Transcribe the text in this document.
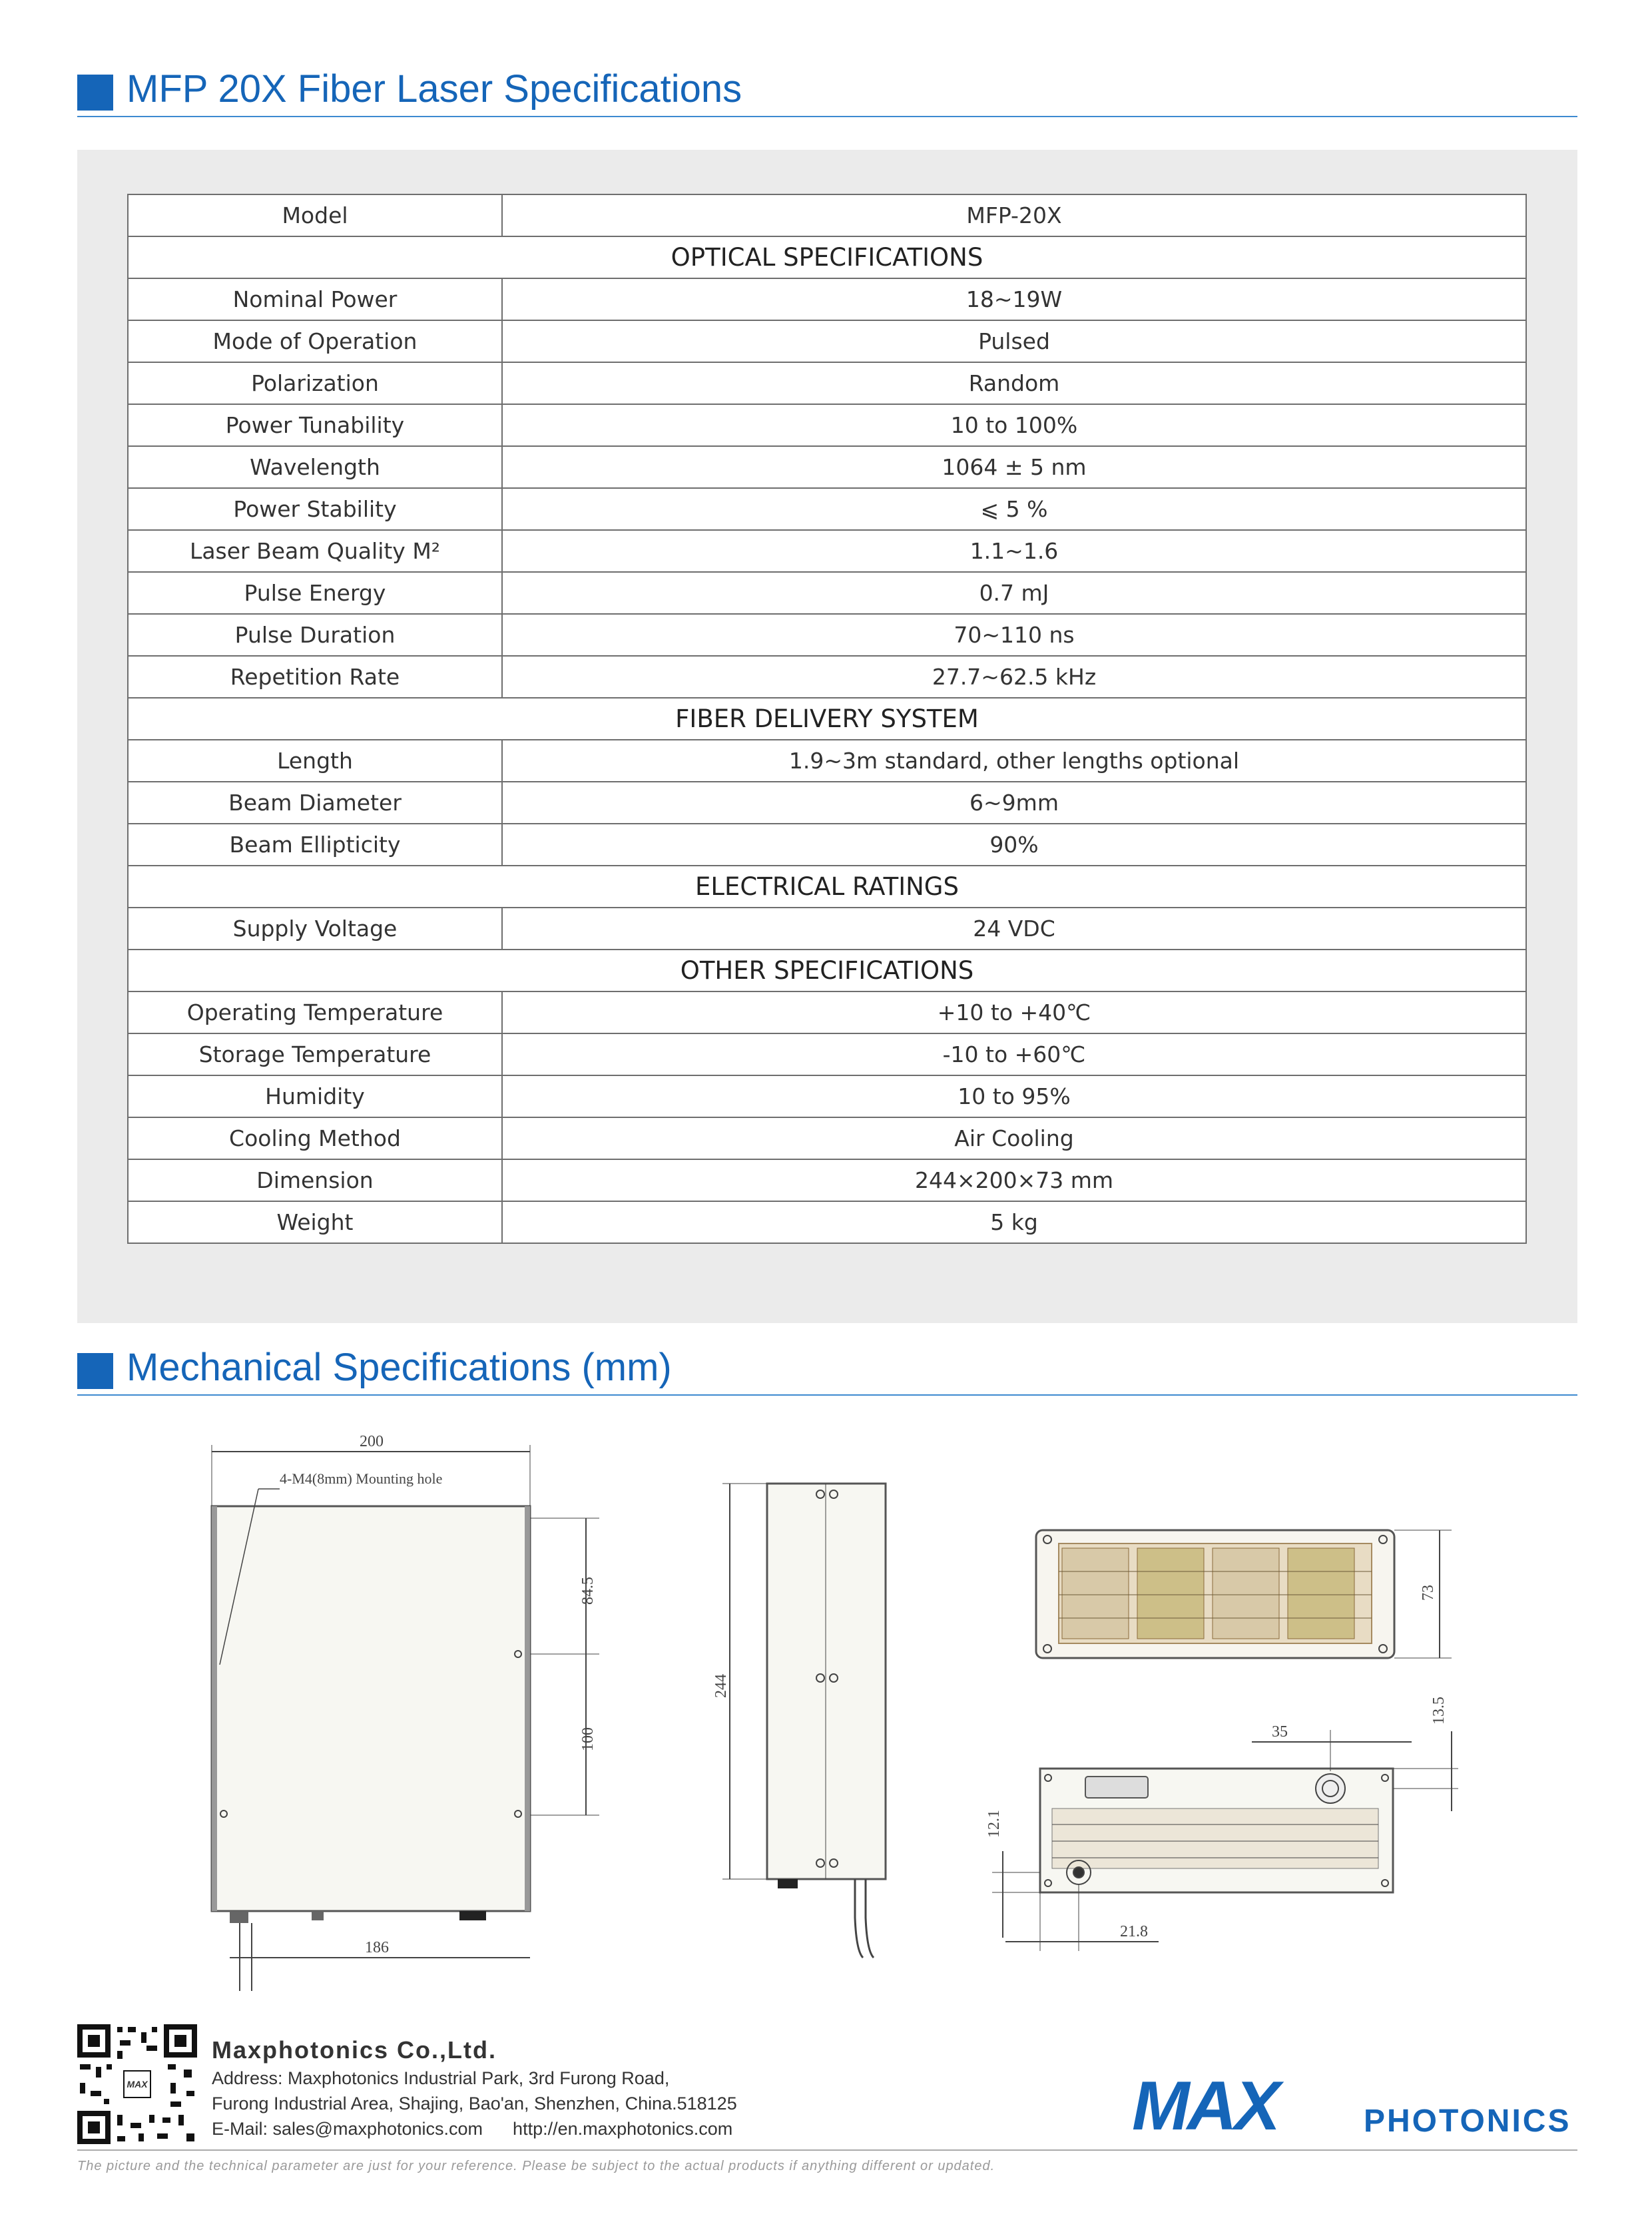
MFP 20X Fiber Laser Specifications
Model	MFP-20X
OPTICAL SPECIFICATIONS	
Nominal Power	18~19W
Mode of Operation	Pulsed
Polarization	Random
Power Tunability	10 to 100%
Wavelength	1064 ± 5 nm
Power Stability	⩽ 5 %
Laser Beam Quality M²	1.1~1.6
Pulse Energy	0.7 mJ
Pulse Duration	70~110 ns
Repetition Rate	27.7~62.5 kHz
FIBER DELIVERY SYSTEM	
Length	1.9~3m standard, other lengths optional
Beam Diameter	6~9mm
Beam Ellipticity	90%
ELECTRICAL RATINGS	
Supply Voltage	24 VDC
OTHER SPECIFICATIONS	
Operating Temperature	+10 to +40℃
Storage Temperature	-10 to +60℃
Humidity	10 to 95%
Cooling Method	Air Cooling
Dimension	244×200×73 mm
Weight	5 kg
Mechanical Specifications (mm)
200
4-M4(8mm) Mounting hole
84.5
100
186
244
73
35
13.5
12.1
21.8
MAX
Maxphotonics Co.,Ltd.
Address: Maxphotonics Industrial Park, 3rd Furong Road,
Furong Industrial Area, Shajing, Bao'an, Shenzhen, China.518125
E-Mail: sales@maxphotonics.com      http://en.maxphotonics.com	MAX	PHOTONICS
The picture and the technical parameter are just for your reference. Please be subject to the actual products if anything different or updated.
